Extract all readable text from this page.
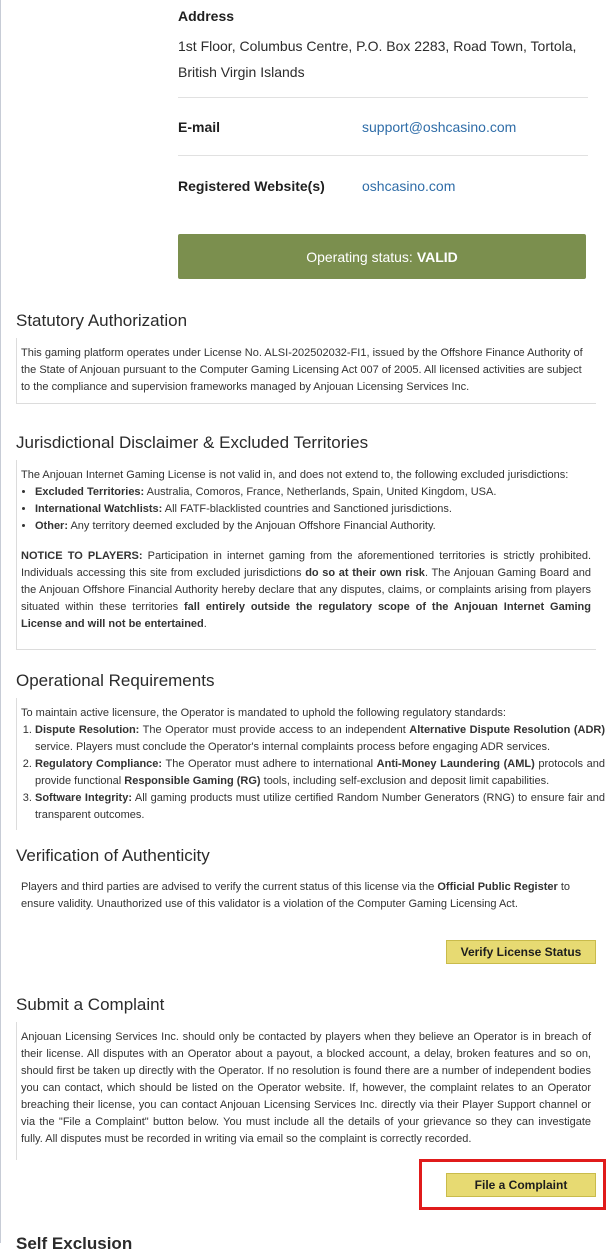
Address
1st Floor, Columbus Centre, P.O. Box 2283, Road Town, Tortola, British Virgin Islands
E-mail	support@oshcasino.com
Registered Website(s)	oshcasino.com
Operating status: VALID
Statutory Authorization

This gaming platform operates under License No. ALSI-202502032-FI1, issued by the Offshore Finance Authority of the State of Anjouan pursuant to the Computer Gaming Licensing Act 007 of 2005. All licensed activities are subject to the compliance and supervision frameworks managed by Anjouan Licensing Services Inc.

Jurisdictional Disclaimer & Excluded Territories

The Anjouan Internet Gaming License is not valid in, and does not extend to, the following excluded jurisdictions:

• Excluded Territories: Australia, Comoros, France, Netherlands, Spain, United Kingdom, USA.
• International Watchlists: All FATF-blacklisted countries and Sanctioned jurisdictions.
• Other: Any territory deemed excluded by the Anjouan Offshore Financial Authority.

NOTICE TO PLAYERS: Participation in internet gaming from the aforementioned territories is strictly prohibited. Individuals accessing this site from excluded jurisdictions do so at their own risk. The Anjouan Gaming Board and the Anjouan Offshore Financial Authority hereby declare that any disputes, claims, or complaints arising from players situated within these territories fall entirely outside the regulatory scope of the Anjouan Internet Gaming License and will not be entertained.

Operational Requirements

To maintain active licensure, the Operator is mandated to uphold the following regulatory standards:

1. Dispute Resolution: The Operator must provide access to an independent Alternative Dispute Resolution (ADR) service. Players must conclude the Operator's internal complaints process before engaging ADR services.
2. Regulatory Compliance: The Operator must adhere to international Anti-Money Laundering (AML) protocols and provide functional Responsible Gaming (RG) tools, including self-exclusion and deposit limit capabilities.
3. Software Integrity: All gaming products must utilize certified Random Number Generators (RNG) to ensure fair and transparent outcomes.
Verification of Authenticity

Players and third parties are advised to verify the current status of this license via the Official Public Register to ensure validity. Unauthorized use of this validator is a violation of the Computer Gaming Licensing Act.

Verify License Status
Submit a Complaint

Anjouan Licensing Services Inc. should only be contacted by players when they believe an Operator is in breach of their license. All disputes with an Operator about a payout, a blocked account, a delay, broken features and so on, should first be taken up directly with the Operator. If no resolution is found there are a number of independent bodies you can contact, which should be listed on the Operator website. If, however, the complaint relates to an Operator breaching their license, you can contact Anjouan Licensing Services Inc. directly via their Player Support channel or via the "File a Complaint" button below. You must include all the details of your grievance so they can investigate fully. All disputes must be recorded in writing via email so the complaint is correctly recorded.

File a Complaint
Self Exclusion
